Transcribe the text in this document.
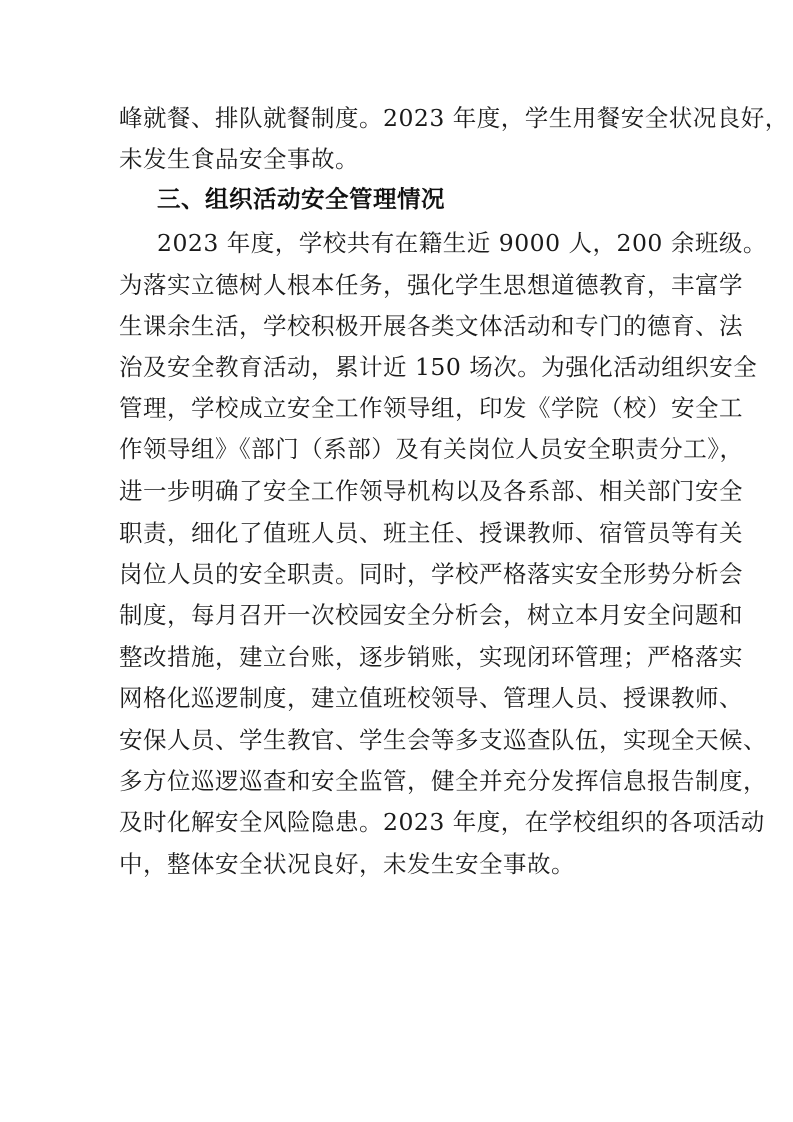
峰就餐、排队就餐制度。2023 年度，学生用餐安全状况良好，
未发生食品安全事故。
三、组织活动安全管理情况
2023 年度，学校共有在籍生近 9000 人，200 余班级。
为落实立德树人根本任务，强化学生思想道德教育，丰富学
生课余生活，学校积极开展各类文体活动和专门的德育、法
治及安全教育活动，累计近 150 场次。为强化活动组织安全
管理，学校成立安全工作领导组，印发《学院（校）安全工
作领导组》《部门（系部）及有关岗位人员安全职责分工》，
进一步明确了安全工作领导机构以及各系部、相关部门安全
职责，细化了值班人员、班主任、授课教师、宿管员等有关
岗位人员的安全职责。同时，学校严格落实安全形势分析会
制度，每月召开一次校园安全分析会，树立本月安全问题和
整改措施，建立台账，逐步销账，实现闭环管理；严格落实
网格化巡逻制度，建立值班校领导、管理人员、授课教师、
安保人员、学生教官、学生会等多支巡查队伍，实现全天候、
多方位巡逻巡查和安全监管，健全并充分发挥信息报告制度，
及时化解安全风险隐患。2023 年度，在学校组织的各项活动
中，整体安全状况良好，未发生安全事故。
